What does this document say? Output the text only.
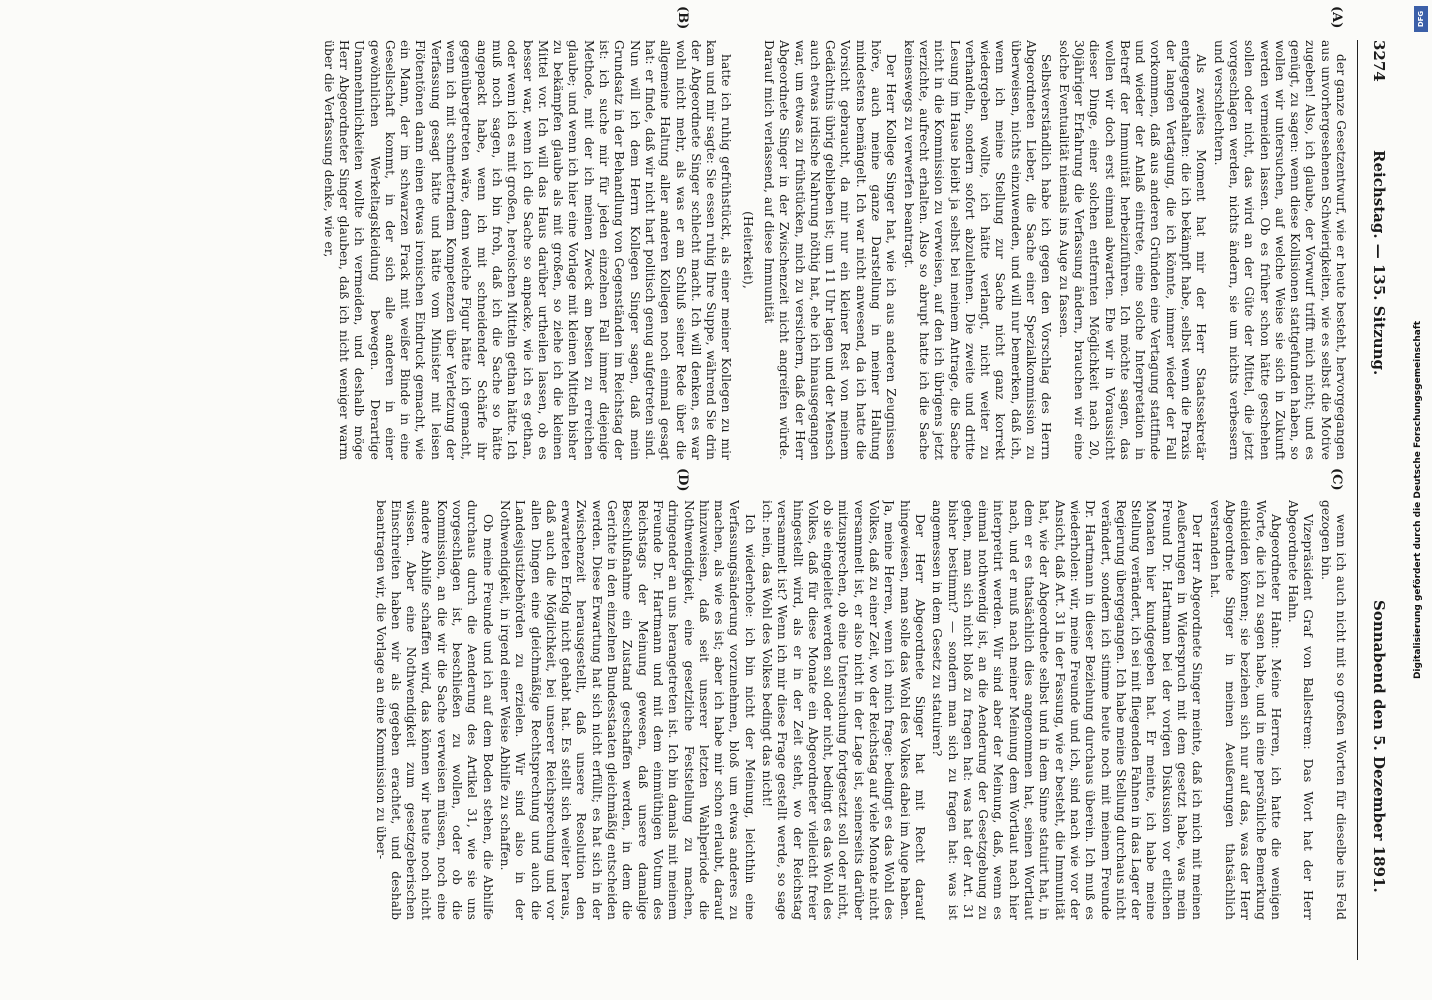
3274
Reichstag. — 135. Sitzung.
Sonnabend den 5. Dezember 1891.
(A)
(B)
(C)
(D)

der ganze Gesetzentwurf, wie er heute besteht, hervorgegangen aus unvorhergesehenen Schwierigkeiten, wie es selbst die Motive zugeben! Also, ich glaube, der Vorwurf trifft mich nicht; und es genügt, zu sagen: wenn diese Kollisionen stattgefunden haben, so wollen wir untersuchen, auf welche Weise sie sich in Zukunft werden vermeiden lassen. Ob es früher schon hätte geschehen sollen oder nicht, das wird an der Güte der Mittel, die jetzt vorgeschlagen werden, nichts ändern, sie um nichts verbessern und verschlechtern.

Als zweites Moment hat mir der Herr Staatssekretär entgegengehalten: die ich bekämpft habe, selbst wenn die Praxis der langen Vertagung, die ich könnte, immer wieder der Fall vorkommen, daß aus anderen Gründen eine Vertagung stattfinde und wieder der Anlaß eintrete, eine solche Interpretation in Betreff der Immunität herbeizuführen. Ich möchte sagen, das wollen wir doch erst einmal abwarten. Ehe wir in Voraussicht dieser Dinge, einer solchen entfernten Möglichkeit nach 20, 30jähriger Erfahrung die Verfassung ändern, brauchen wir eine solche Eventualität niemals ins Auge zu fassen.

Selbstverständlich habe ich gegen den Vorschlag des Herrn Abgeordneten Lieber, die Sache einer Spezialkommission zu überweisen, nichts einzuwenden, und will nur bemerken, daß ich, wenn ich meine Stellung zur Sache nicht ganz korrekt wiedergeben wollte, ich hätte verlangt, nicht weiter zu verhandeln, sondern sofort abzulehnen. Die zweite und dritte Lesung im Hause bleibt ja selbst bei meinem Antrage, die Sache nicht in die Kommission zu verweisen, auf den ich übrigens jetzt verzichte, aufrecht erhalten. Also so abrupt hatte ich die Sache keineswegs zu verwerfen beantragt.

Der Herr Kollege Singer hat, wie ich aus anderen Zeugnissen höre, auch meine ganze Darstellung in meiner Haltung mindestens bemängelt. Ich war nicht anwesend, da ich hatte die Vorsicht gebraucht, da mir nur ein kleiner Rest von meinem Gedächtnis übrig geblieben ist; um 11 Uhr lagen und der Mensch auch etwas irdische Nahrung nöthig hat, ehe ich hinausgegangen war, um etwas zu frühstücken, mich zu versichern, daß der Herr Abgeordnete Singer in der Zwischenzeit nicht angreifen würde. Darauf mich verlassend, auf diese Immunität

(Heiterkeit),

hatte ich ruhig gefrühstückt, als einer meiner Kollegen zu mir kam und mir sagte: Sie essen ruhig Ihre Suppe, während Sie drin der Abgeordnete Singer schlecht macht. Ich will denken, es war wohl nicht mehr, als was er am Schluß seiner Rede über die allgemeine Haltung aller anderen Kollegen noch einmal gesagt hat: er finde, daß wir nicht hart politisch genug aufgetreten sind. Nun will ich dem Herrn Kollegen Singer sagen, daß mein Grundsatz in der Behandlung von Gegenständen im Reichstag der ist: ich suche mir für jeden einzelnen Fall immer diejenige Methode, mit der ich meinen Zweck am besten zu erreichen glaube; und wenn ich hier eine Vorlage mit kleinen Mitteln bisher zu bekämpfen glaube als mit großen, so ziehe ich die kleinen Mittel vor. Ich will das Haus darüber urtheilen lassen, ob es besser war, wenn ich die Sache so anpacke, wie ich es gethan, oder wenn ich es mit großen, heroischen Mitteln gethan hätte. Ich muß noch sagen, ich bin froh, daß ich die Sache so hätte angepackt habe, wenn ich mit schneidender Schärfe ihr gegenübergetreten wäre, denn welche Figur hätte ich gemacht, wenn ich mit schmetterndem Kompetenzen über Verletzung der Verfassung gesagt hätte und hätte vom Minister mit leisen Flötentönen dann einen etwas ironischen Eindruck gemacht, wie ein Mann, der im schwarzen Frack mit weißer Binde in eine Gesellschaft kommt, in der sich alle anderen in einer gewöhnlichen Werkeltagskleidung bewegen. Derartige Unannehmlichkeiten wollte ich vermeiden, und deshalb möge Herr Abgeordneter Singer glauben, daß ich nicht weniger warm über die Verfassung denke, wie er,

wenn ich auch nicht mit so großen Worten für dieselbe ins Feld gezogen bin.

Vizepräsident Graf von Ballestrem: Das Wort hat der Herr Abgeordnete Hahn.

Abgeordneter Hahn: Meine Herren, ich hatte die wenigen Worte, die ich zu sagen habe, und in eine persönliche Bemerkung einkleiden können; sie beziehen sich nur auf das, was der Herr Abgeordnete Singer in meinen Aeußerungen thatsächlich verstanden hat.

Der Herr Abgeordnete Singer meinte, daß ich mich mit meinen Aeußerungen in Widerspruch mit dem gesetzt habe, was mein Freund Dr. Hartmann bei der vorigen Diskussion vor etlichen Monaten hier kundgegeben hat. Er meinte, ich habe meine Stellung verändert, ich sei mit fliegenden Fahnen in das Lager der Regierung übergegangen. Ich habe meine Stellung durchaus nicht verändert, sondern ich stimme heute noch mit meinem Freunde Dr. Hartmann in dieser Beziehung durchaus überein. Ich muß es wiederholen: wir, meine Freunde und ich, sind nach wie vor der Ansicht, daß Art. 31 in der Fassung, wie er besteht, die Immunität hat, wie der Abgeordnete selbst und in dem Sinne statuirt hat, in dem er es thatsächlich dies angenommen hat, seinen Wortlaut nach, und er muß nach meiner Meinung dem Wortlaut nach hier interpretirt werden. Wir sind aber der Meinung, daß, wenn es einmal nothwendig ist, an die Aenderung der Gesetzgebung zu gehen, man sich nicht bloß zu fragen hat: was hat der Art. 31 bisher bestimmt? — sondern man sich zu fragen hat: was ist angemessen in dem Gesetz zu statuiren?

Der Herr Abgeordnete Singer hat mit Recht darauf hingewiesen, man solle das Wohl des Volkes dabei im Auge haben. Ja, meine Herren, wenn ich mich frage: bedingt es das Wohl des Volkes, daß zu einer Zeit, wo der Reichstag auf viele Monate nicht versammelt ist, er also nicht in der Lage ist, seinerseits darüber mitzusprechen, ob eine Untersuchung fortgesetzt soll oder nicht, ob sie eingeleitet werden soll oder nicht, bedingt es das Wohl des Volkes, daß für diese Monate ein Abgeordneter vielleicht freier hingestellt wird, als er in der Zeit steht, wo der Reichstag versammelt ist? Wenn ich mir diese Frage gestellt werde, so sage ich: nein, das Wohl des Volkes bedingt das nicht!

Ich wiederhole: ich bin nicht der Meinung, leichthin eine Verfassungsänderung vorzunehmen, bloß um etwas anderes zu machen, als wie es ist; aber ich habe mir schon erlaubt, darauf hinzuweisen, daß seit unserer letzten Wahlperiode die Nothwendigkeit, eine gesetzliche Feststellung zu machen, dringender an uns herangetreten ist. Ich bin damals mit meinem Freunde Dr. Hartmann und mit dem einmüthigen Votum des Reichstags der Meinung gewesen, daß unsere damalige Beschlußnahme ein Zustand geschaffen werden, in dem die Gerichte in den einzelnen Bundesstaaten gleichmäßig entscheiden werden. Diese Erwartung hat sich nicht erfüllt; es hat sich in der Zwischenzeit herausgestellt, daß unsere Resolution den erwarteten Erfolg nicht gehabt hat. Es stellt sich weiter heraus, daß auch die Möglichkeit, bei unserer Reichsprechung und vor allen Dingen eine gleichmäßige Rechtsprechung und auch die Landesjustizbehörden zu erzielen. Wir sind also in der Nothwendigkeit, in irgend einer Weise Abhilfe zu schaffen.

Ob meine Freunde und ich auf dem Boden stehen, die Abhilfe durchaus durch die Aenderung des Artikel 31, wie sie uns vorgeschlagen ist, beschließen zu wollen, oder ob die Kommission, an die wir die Sache verweisen müssen, noch eine andere Abhilfe schaffen wird, das können wir heute noch nicht wissen. Aber eine Nothwendigkeit zum gesetzgeberischen Einschreiten haben wir als gegeben erachtet, und deshalb beantragen wir, die Vorlage an eine Kommission zu über-	Digitalisierung gefördert durch die Deutsche Forschungsgemeinschaft
DFG
